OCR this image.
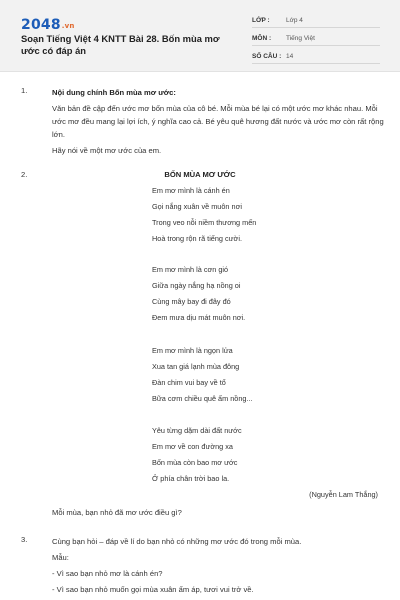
2048.vn
Soạn Tiếng Việt 4 KNTT Bài 28. Bốn mùa mơ ước có đáp án
LỚP :	Lớp 4
MÔN :	Tiếng Việt
SỐ CÂU : 14
1.	Nội dung chính Bốn mùa mơ ước:

Văn bản đề cập đến ước mơ bốn mùa của cô bé. Mỗi mùa bé lại có một ước mơ khác nhau. Mỗi ước mơ đều mang lại lợi ích, ý nghĩa cao cả. Bé yêu quê hương đất nước và ước mơ còn rất rộng lớn.

Hãy nói về một mơ ước của em.

2.	BỐN MÙA MƠ ƯỚC
Em mơ mình là cánh én
Gọi nắng xuân về muôn nơi
Trong veo nỗi niềm thương mến
Hoà trong rộn rã tiếng cười.
Em mơ mình là cơn gió
Giữa ngày nắng hạ nồng oi
Cùng mây bay đi đây đó
Đem mưa dịu mát muôn nơi.
Em mơ mình là ngọn lửa
Xua tan giá lạnh mùa đông
Đàn chim vui bay về tổ
Bữa cơm chiều quê ấm nồng...
Yêu từng dặm dài đất nước
Em mơ về con đường xa
Bốn mùa còn bao mơ ước
Ở phía chân trời bao la.
(Nguyễn Lam Thắng)
Mỗi mùa, bạn nhỏ đã mơ ước điều gì?
3.	Cùng bạn hỏi – đáp về lí do bạn nhỏ có những mơ ước đó trong mỗi mùa.

Mẫu:

- Vì sao bạn nhỏ mơ là cánh én?

- Vì sao bạn nhỏ muốn gọi mùa xuân ấm áp, tươi vui trở về.
